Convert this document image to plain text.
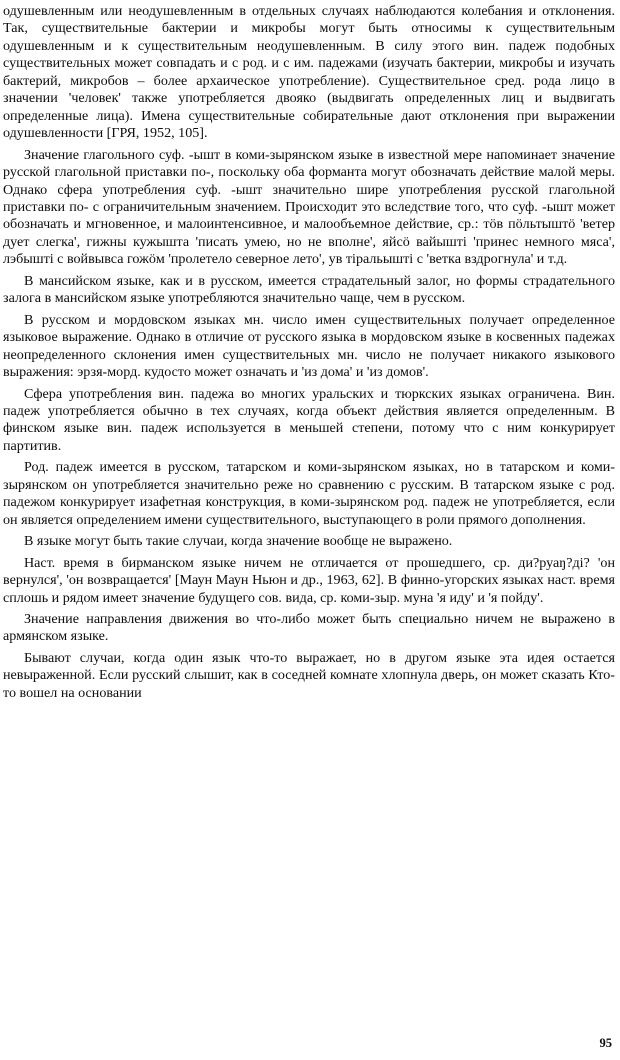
одушевленным или неодушевленным в отдельных случаях наблюдаются колебания и отклонения. Так, существительные бактерии и микробы могут быть относимы к существительным одушевленным и к существительным неодушевленным. В силу этого вин. падеж подобных существительных может совпадать и с род. и с им. падежами (изучать бактерии, микробы и изучать бактерий, микробов – более архаическое употребление). Существительное сред. рода лицо в значении 'человек' также употребляется двояко (выдвигать определенных лиц и выдвигать определенные лица). Имена существительные собирательные дают отклонения при выражении одушевленности [ГРЯ, 1952, 105].

Значение глагольного суф. -ышт в коми-зырянском языке в известной мере напоминает значение русской глагольной приставки по-, поскольку оба форманта могут обозначать действие малой меры. Однако сфера употребления суф. -ышт значительно шире употребления русской глагольной приставки по- с ограничительным значением. Происходит это вследствие того, что суф. -ышт может обозначать и мгновенное, и малоинтенсивное, и малообъемное действие, ср.: тöв пöльтыштö 'ветер дует слегка', гижны кужышта 'писать умею, но не вполне', яйсö вайышті 'принес немного мяса', лэбышті с войвывса гожöм 'пролетело северное лето', ув тіральышті с 'ветка вздрогнула' и т.д.

В мансийском языке, как и в русском, имеется страдательный залог, но формы страдательного залога в мансийском языке употребляются значительно чаще, чем в русском.

В русском и мордовском языках мн. число имен существительных получает определенное языковое выражение. Однако в отличие от русского языка в мордовском языке в косвенных падежах неопределенного склонения имен существительных мн. число не получает никакого языкового выражения: эрзя-морд. кудосто может означать и 'из дома' и 'из домов'.

Сфера употребления вин. падежа во многих уральских и тюркских языках ограничена. Вин. падеж употребляется обычно в тех случаях, когда объект действия является определенным. В финском языке вин. падеж используется в меньшей степени, потому что с ним конкурирует партитив.

Род. падеж имеется в русском, татарском и коми-зырянском языках, но в татарском и коми-зырянском он употребляется значительно реже но сравнению с русским. В татарском языке с род. падежом конкурирует изафетная конструкция, в коми-зырянском род. падеж не употребляется, если он является определением имени существительного, выступающего в роли прямого дополнения.

В языке могут быть такие случаи, когда значение вообще не выражено.

Наст. время в бирманском языке ничем не отличается от прошедшего, ср. ди?руаŋ?ді? 'он вернулся', 'он возвращается' [Маун Маун Ньюн и др., 1963, 62]. В финно-угорских языках наст. время сплошь и рядом имеет значение будущего сов. вида, ср. коми-зыр. муна 'я иду' и 'я пойду'.

Значение направления движения во что-либо может быть специально ничем не выражено в армянском языке.

Бывают случаи, когда один язык что-то выражает, но в другом языке эта идея остается невыраженной. Если русский слышит, как в соседней комнате хлопнула дверь, он может сказать Кто-то вошел на основании

95
